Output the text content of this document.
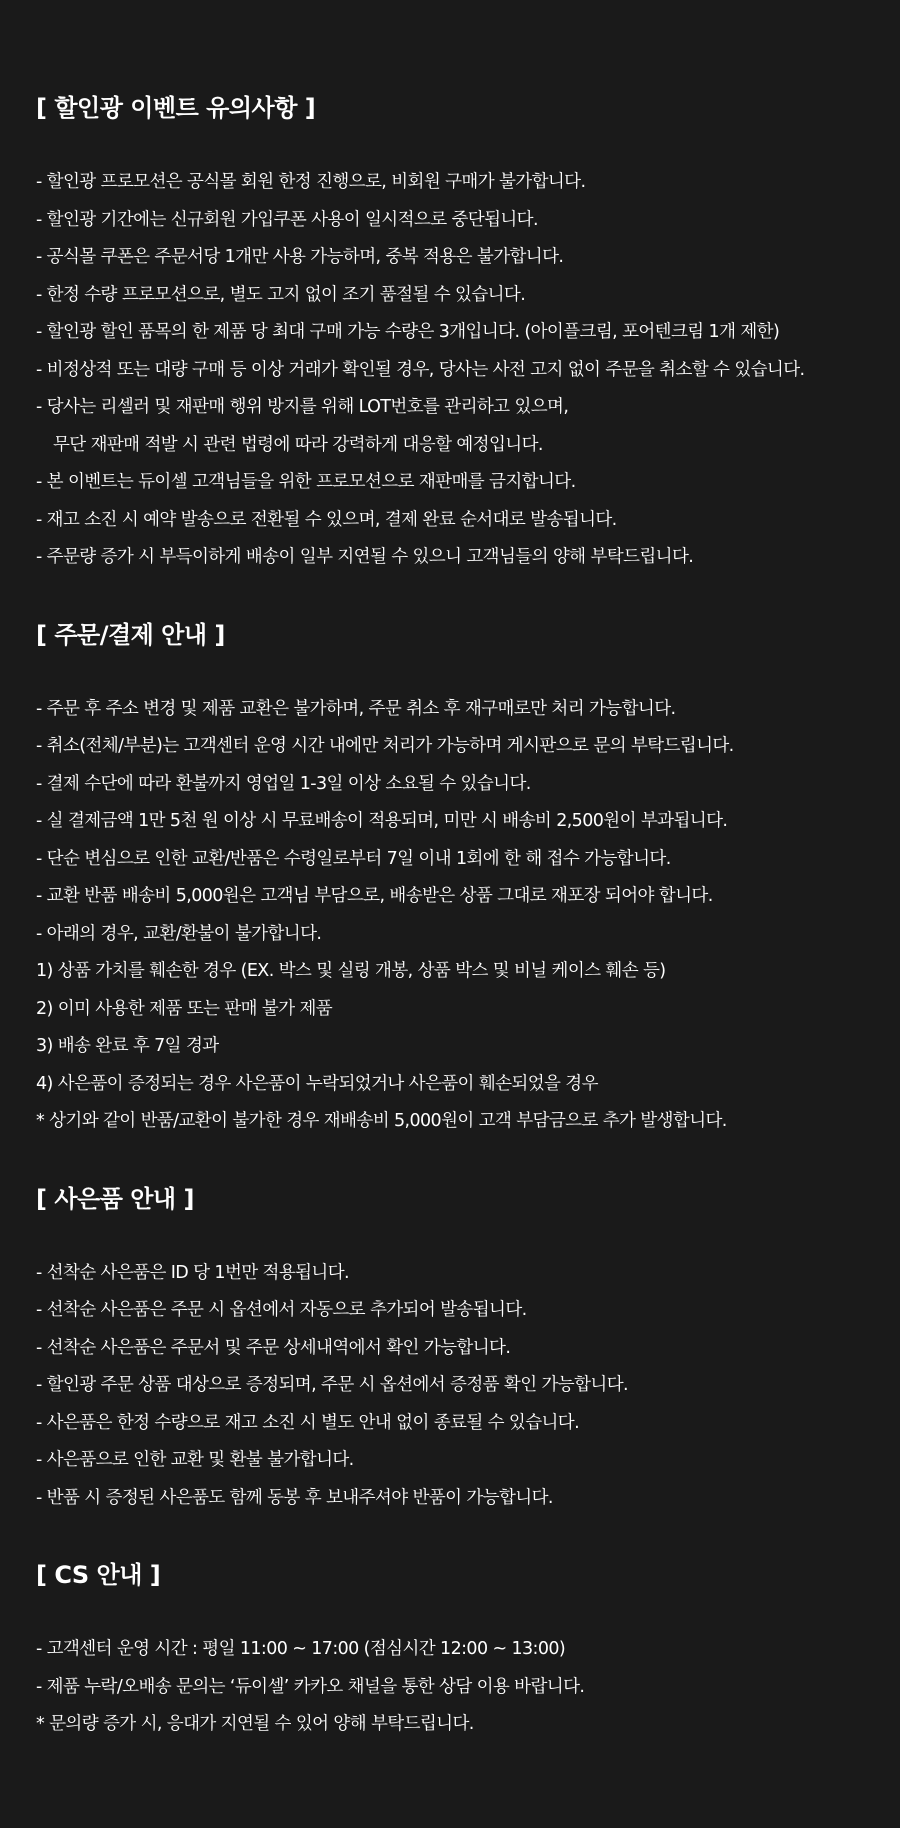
[ 할인광 이벤트 유의사항 ]
- 할인광 프로모션은 공식몰 회원 한정 진행으로, 비회원 구매가 불가합니다.
- 할인광 기간에는 신규회원 가입쿠폰 사용이 일시적으로 중단됩니다.
- 공식몰 쿠폰은 주문서당 1개만 사용 가능하며, 중복 적용은 불가합니다.
- 한정 수량 프로모션으로, 별도 고지 없이 조기 품절될 수 있습니다.
- 할인광 할인 품목의 한 제품 당 최대 구매 가능 수량은 3개입니다. (아이플크림, 포어텐크림 1개 제한)
- 비정상적 또는 대량 구매 등 이상 거래가 확인될 경우, 당사는 사전 고지 없이 주문을 취소할 수 있습니다.
- 당사는 리셀러 및 재판매 행위 방지를 위해 LOT번호를 관리하고 있으며,
무단 재판매 적발 시 관련 법령에 따라 강력하게 대응할 예정입니다.
- 본 이벤트는 듀이셀 고객님들을 위한 프로모션으로 재판매를 금지합니다.
- 재고 소진 시 예약 발송으로 전환될 수 있으며, 결제 완료 순서대로 발송됩니다.
- 주문량 증가 시 부득이하게 배송이 일부 지연될 수 있으니 고객님들의 양해 부탁드립니다.
[ 주문/결제 안내 ]
- 주문 후 주소 변경 및 제품 교환은 불가하며, 주문 취소 후 재구매로만 처리 가능합니다.
- 취소(전체/부분)는 고객센터 운영 시간 내에만 처리가 가능하며 게시판으로 문의 부탁드립니다.
- 결제 수단에 따라 환불까지 영업일 1-3일 이상 소요될 수 있습니다.
- 실 결제금액 1만 5천 원 이상 시 무료배송이 적용되며, 미만 시 배송비 2,500원이 부과됩니다.
- 단순 변심으로 인한 교환/반품은 수령일로부터 7일 이내 1회에 한 해 접수 가능합니다.
- 교환 반품 배송비 5,000원은 고객님 부담으로, 배송받은 상품 그대로 재포장 되어야 합니다.
- 아래의 경우, 교환/환불이 불가합니다.
1) 상품 가치를 훼손한 경우 (EX. 박스 및 실링 개봉, 상품 박스 및 비닐 케이스 훼손 등)
2) 이미 사용한 제품 또는 판매 불가 제품
3) 배송 완료 후 7일 경과
4) 사은품이 증정되는 경우 사은품이 누락되었거나 사은품이 훼손되었을 경우
* 상기와 같이 반품/교환이 불가한 경우 재배송비 5,000원이 고객 부담금으로 추가 발생합니다.
[ 사은품 안내 ]
- 선착순 사은품은 ID 당 1번만 적용됩니다.
- 선착순 사은품은 주문 시 옵션에서 자동으로 추가되어 발송됩니다.
- 선착순 사은품은 주문서 및 주문 상세내역에서 확인 가능합니다.
- 할인광 주문 상품 대상으로 증정되며, 주문 시 옵션에서 증정품 확인 가능합니다.
- 사은품은 한정 수량으로 재고 소진 시 별도 안내 없이 종료될 수 있습니다.
- 사은품으로 인한 교환 및 환불 불가합니다.
- 반품 시 증정된 사은품도 함께 동봉 후 보내주셔야 반품이 가능합니다.
[ CS 안내 ]
- 고객센터 운영 시간 : 평일 11:00 ~ 17:00 (점심시간 12:00 ~ 13:00)
- 제품 누락/오배송 문의는 ‘듀이셀’ 카카오 채널을 통한 상담 이용 바랍니다.
* 문의량 증가 시, 응대가 지연될 수 있어 양해 부탁드립니다.
